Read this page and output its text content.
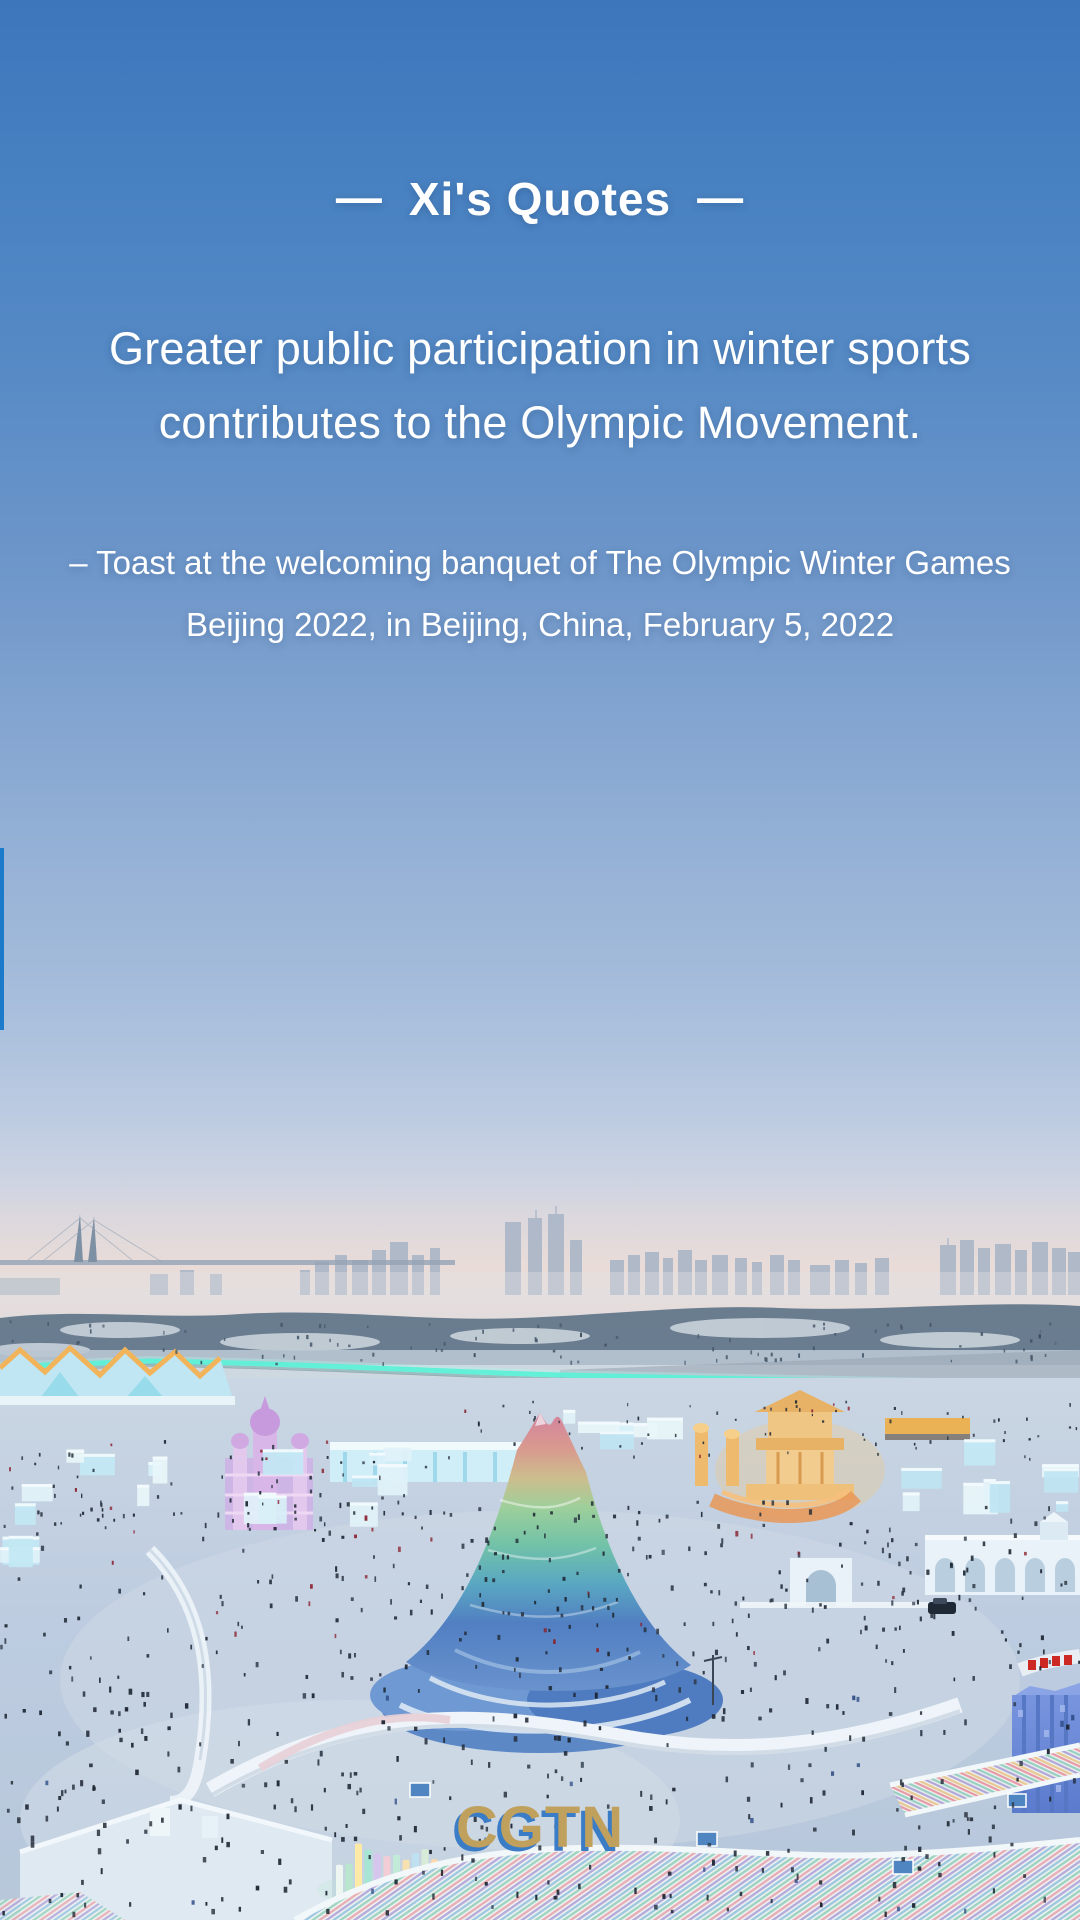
— Xi's Quotes —
Greater public participation in winter sports
contributes to the Olympic Movement.
– Toast at the welcoming banquet of The Olympic Winter Games
Beijing 2022, in Beijing, China, February 5, 2022
CGTN
